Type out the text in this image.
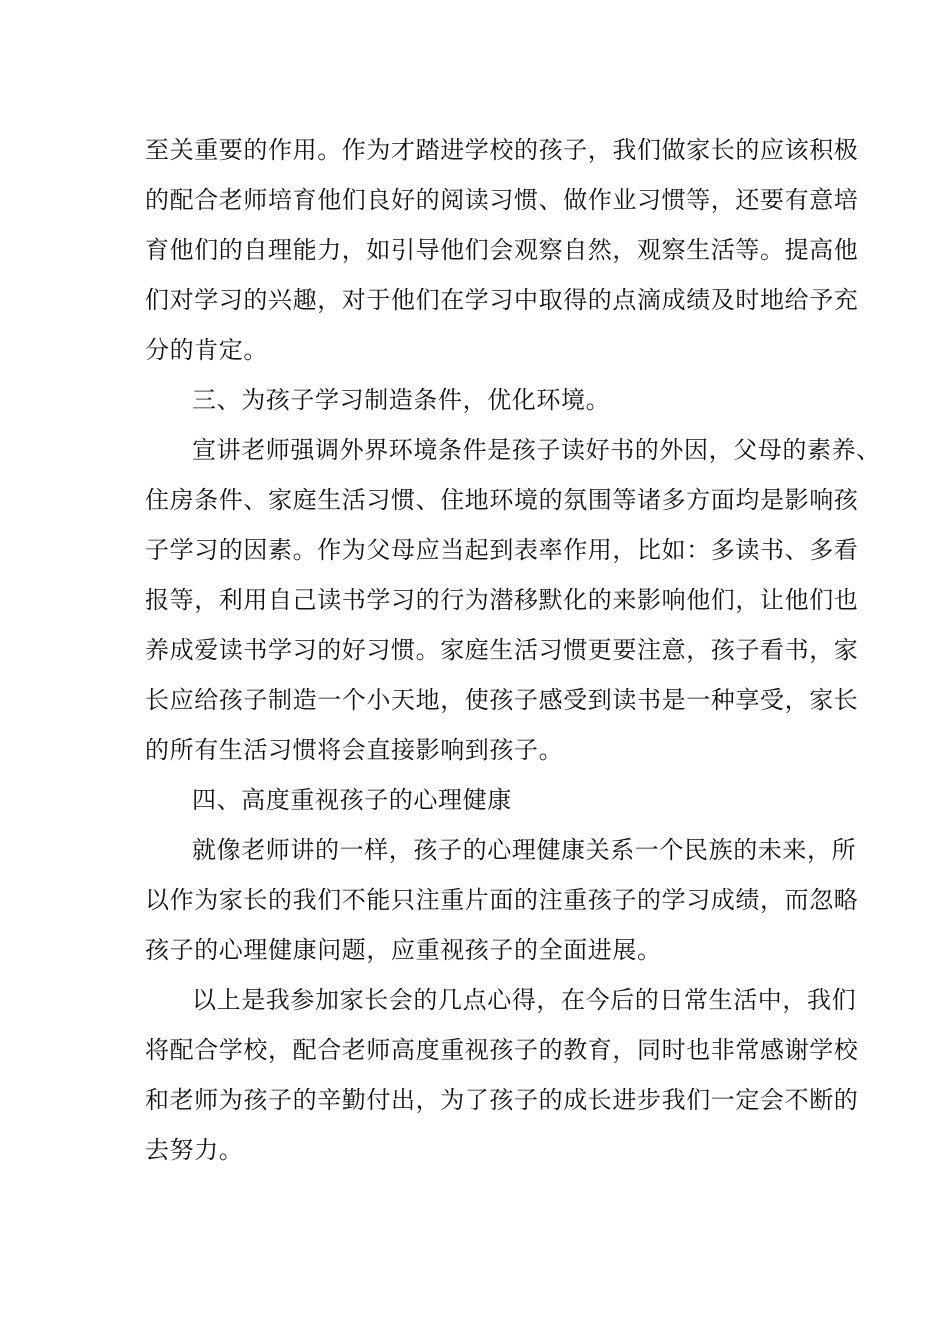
至关重要的作用。作为才踏进学校的孩子，我们做家长的应该积极
的配合老师培育他们良好的阅读习惯、做作业习惯等，还要有意培
育他们的自理能力，如引导他们会观察自然，观察生活等。提高他
们对学习的兴趣，对于他们在学习中取得的点滴成绩及时地给予充
分的肯定。
三、为孩子学习制造条件，优化环境。
宣讲老师强调外界环境条件是孩子读好书的外因，父母的素养、
住房条件、家庭生活习惯、住地环境的氛围等诸多方面均是影响孩
子学习的因素。作为父母应当起到表率作用，比如：多读书、多看
报等，利用自己读书学习的行为潜移默化的来影响他们，让他们也
养成爱读书学习的好习惯。家庭生活习惯更要注意，孩子看书，家
长应给孩子制造一个小天地，使孩子感受到读书是一种享受，家长
的所有生活习惯将会直接影响到孩子。
四、高度重视孩子的心理健康
就像老师讲的一样，孩子的心理健康关系一个民族的未来，所
以作为家长的我们不能只注重片面的注重孩子的学习成绩，而忽略
孩子的心理健康问题，应重视孩子的全面进展。
以上是我参加家长会的几点心得，在今后的日常生活中，我们
将配合学校，配合老师高度重视孩子的教育，同时也非常感谢学校
和老师为孩子的辛勤付出，为了孩子的成长进步我们一定会不断的
去努力。
